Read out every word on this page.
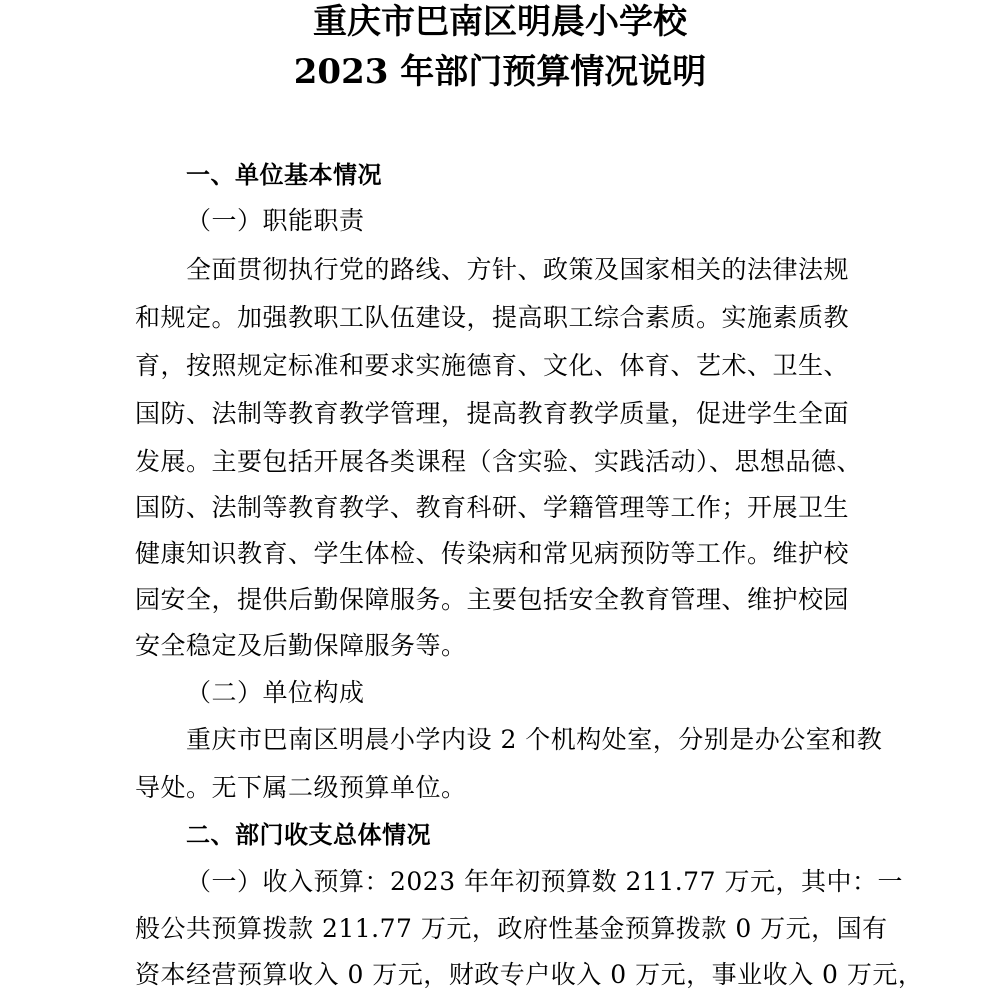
重庆市巴南区明晨小学校
2023 年部门预算情况说明
一、单位基本情况
（一）职能职责
全面贯彻执行党的路线、方针、政策及国家相关的法律法规
和规定。加强教职工队伍建设，提高职工综合素质。实施素质教
育，按照规定标准和要求实施德育、文化、体育、艺术、卫生、
国防、法制等教育教学管理，提高教育教学质量，促进学生全面
发展。主要包括开展各类课程（含实验、实践活动）、思想品德、
国防、法制等教育教学、教育科研、学籍管理等工作；开展卫生
健康知识教育、学生体检、传染病和常见病预防等工作。维护校
园安全，提供后勤保障服务。主要包括安全教育管理、维护校园
安全稳定及后勤保障服务等。
（二）单位构成
重庆市巴南区明晨小学内设 2 个机构处室，分别是办公室和教
导处。无下属二级预算单位。
二、部门收支总体情况
（一）收入预算：2023 年年初预算数 211.77 万元，其中：一
般公共预算拨款 211.77 万元，政府性基金预算拨款 0 万元，国有
资本经营预算收入 0 万元，财政专户收入 0 万元，事业收入 0 万元，
